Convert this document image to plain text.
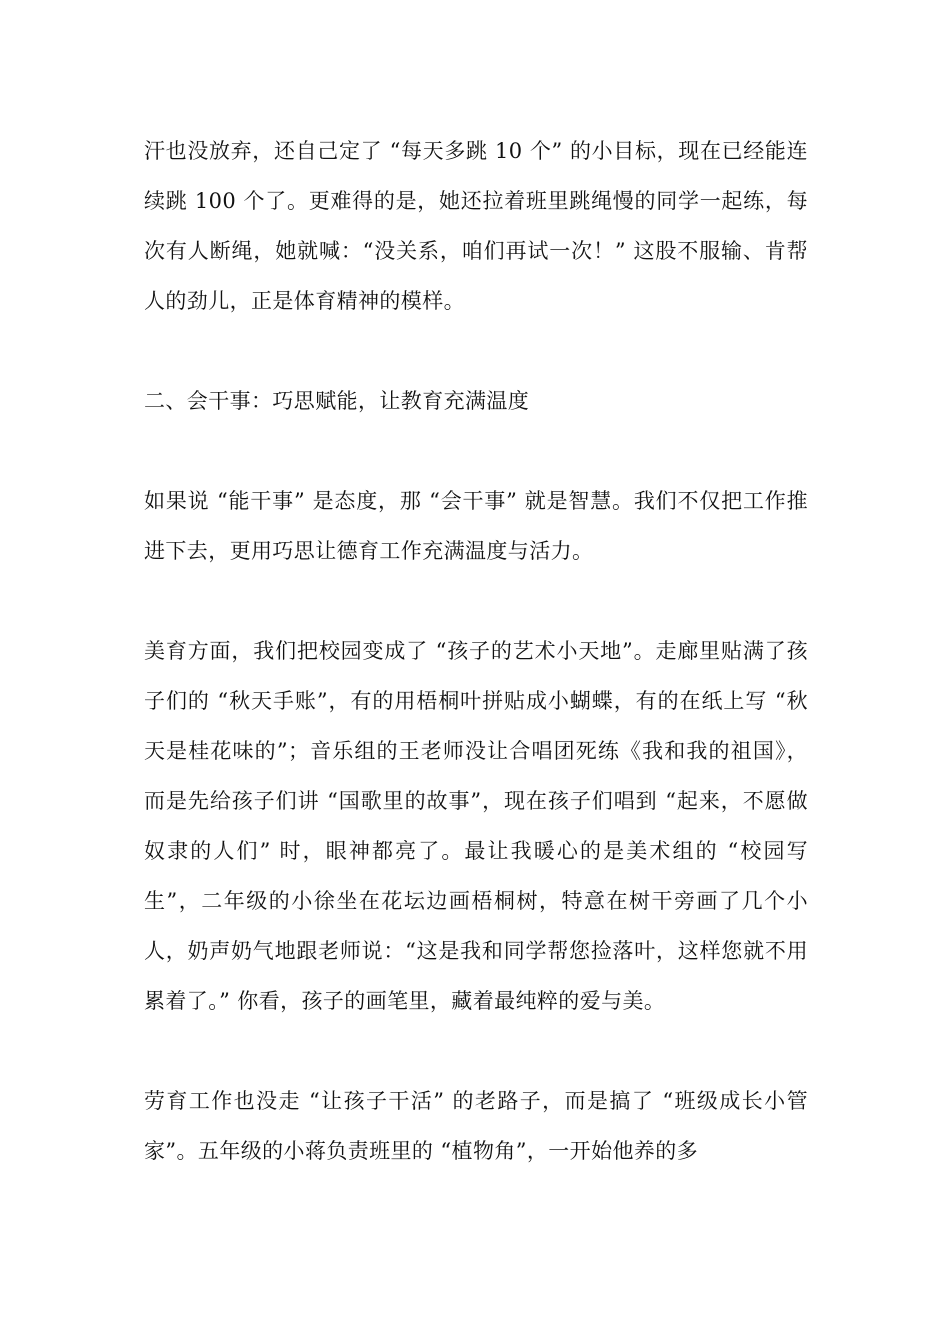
汗也没放弃，还自己定了 “每天多跳 10 个” 的小目标，现在已经能连续跳 100 个了。更难得的是，她还拉着班里跳绳慢的同学一起练，每次有人断绳，她就喊：“没关系，咱们再试一次！” 这股不服输、肯帮人的劲儿，正是体育精神的模样。

二、会干事：巧思赋能，让教育充满温度

如果说 “能干事” 是态度，那 “会干事” 就是智慧。我们不仅把工作推进下去，更用巧思让德育工作充满温度与活力。

美育方面，我们把校园变成了 “孩子的艺术小天地”。走廊里贴满了孩子们的 “秋天手账”，有的用梧桐叶拼贴成小蝴蝶，有的在纸上写 “秋天是桂花味的”；音乐组的王老师没让合唱团死练《我和我的祖国》，而是先给孩子们讲 “国歌里的故事”，现在孩子们唱到 “起来，不愿做奴隶的人们” 时，眼神都亮了。最让我暖心的是美术组的 “校园写生”，二年级的小徐坐在花坛边画梧桐树，特意在树干旁画了几个小人，奶声奶气地跟老师说：“这是我和同学帮您捡落叶，这样您就不用累着了。” 你看，孩子的画笔里，藏着最纯粹的爱与美。

劳育工作也没走 “让孩子干活” 的老路子，而是搞了 “班级成长小管家”。五年级的小蒋负责班里的 “植物角”，一开始他养的多
